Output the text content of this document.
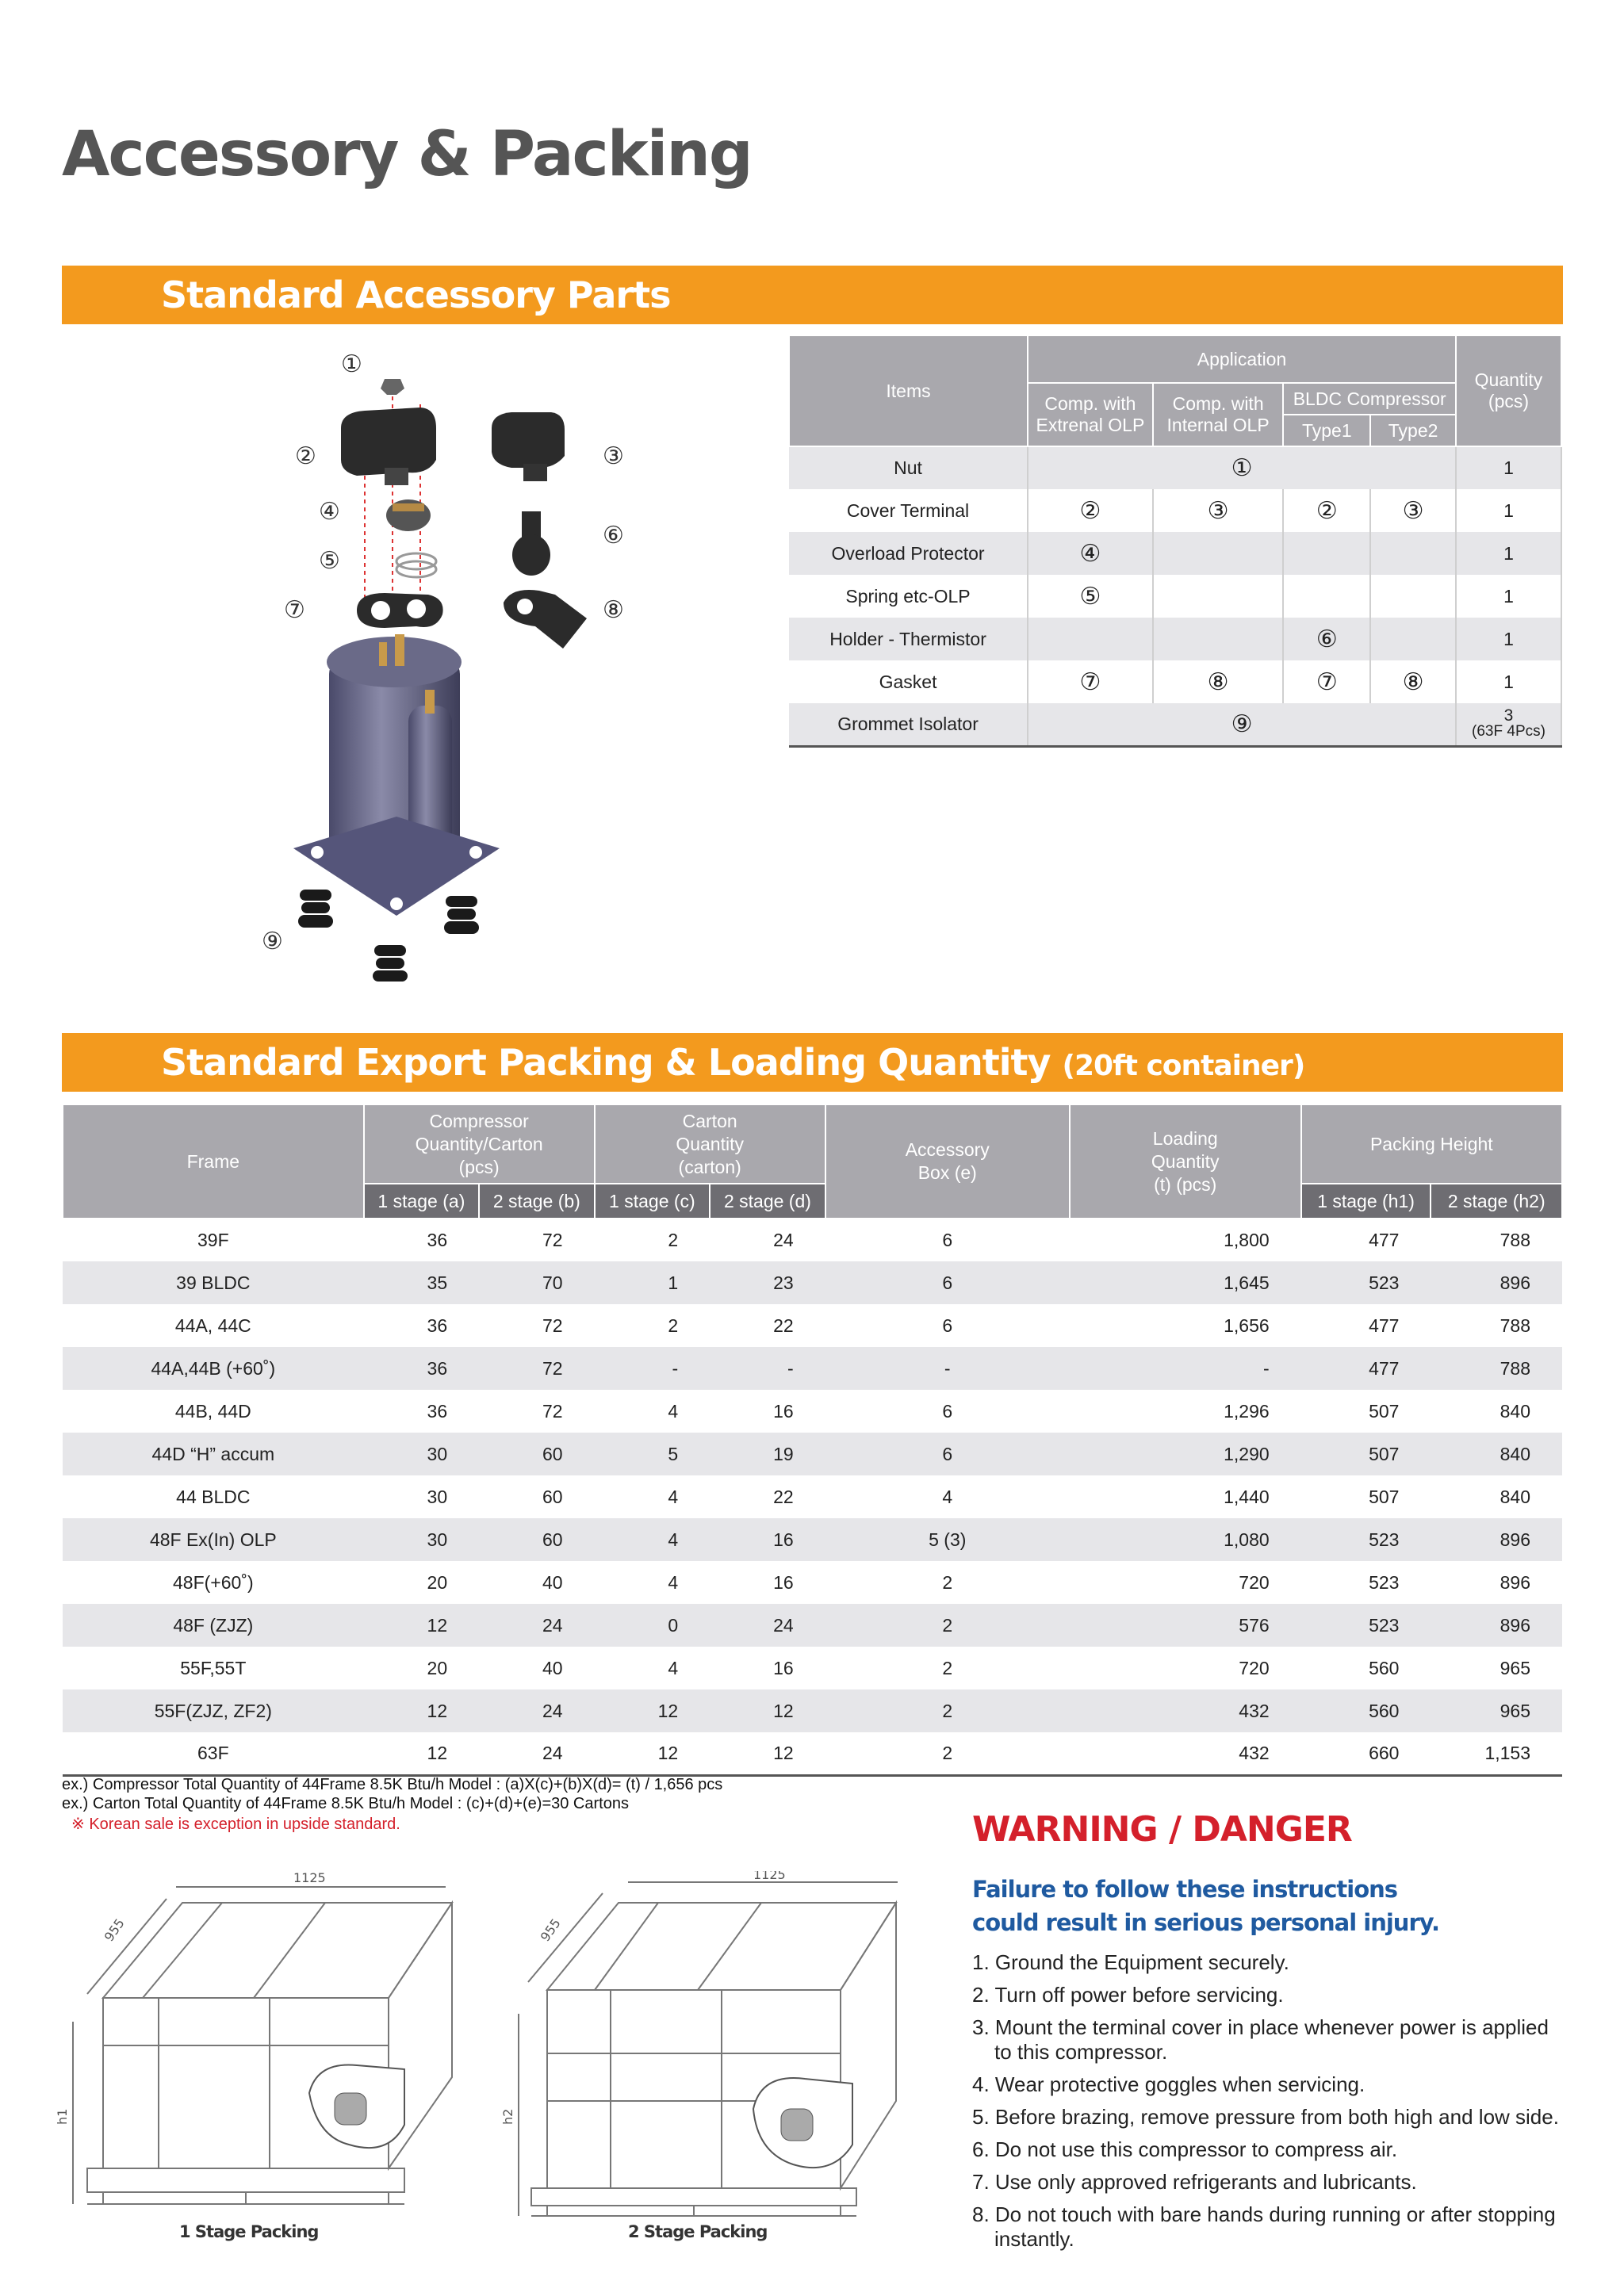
Accessory & Packing
Standard Accessory Parts
①
②	③
④
⑤
⑥
⑦	⑧
⑨
Items	Application				Quantity (pcs)
	Comp. with Extrenal OLP	Comp. with Internal OLP	BLDC Compressor		
			Type1	Type2	
Nut	①				1
Cover Terminal	②	③	②	③	1
Overload Protector	④				1
Spring etc-OLP	⑤				1
Holder - Thermistor			⑥		1
Gasket	⑦	⑧	⑦	⑧	1
Grommet Isolator	⑨				3
(63F 4Pcs)
Standard Export Packing & Loading Quantity (20ft container)
Frame	Compressor Quantity/Carton (pcs)		Carton Quantity (carton)		Accessory Box (e)	Loading Quantity (t) (pcs)	Packing Height	
	1 stage (a)	2 stage (b)	1 stage (c)	2 stage (d)			1 stage (h1)	2 stage (h2)
39F	36	72	2	24	6	1,800	477	788
39 BLDC	35	70	1	23	6	1,645	523	896
44A, 44C	36	72	2	22	6	1,656	477	788
44A,44B (+60˚)	36	72	-	-	-	-	477	788
44B, 44D	36	72	4	16	6	1,296	507	840
44D “H” accum	30	60	5	19	6	1,290	507	840
44 BLDC	30	60	4	22	4	1,440	507	840
48F Ex(In) OLP	30	60	4	16	5 (3)	1,080	523	896
48F(+60˚)	20	40	4	16	2	720	523	896
48F (ZJZ)	12	24	0	24	2	576	523	896
55F,55T	20	40	4	16	2	720	560	965
55F(ZJZ, ZF2)	12	24	12	12	2	432	560	965
63F	12	24	12	12	2	432	660	1,153
ex.) Compressor Total Quantity of 44Frame 8.5K Btu/h Model : (a)X(c)+(b)X(d)= (t) / 1,656 pcs
ex.) Carton Total Quantity of 44Frame 8.5K Btu/h Model : (c)+(d)+(e)=30 Cartons
※ Korean sale is exception in upside standard.
1125
955
h1
1 Stage Packing
1125
955
h2
2 Stage Packing
WARNING / DANGER
Failure to follow these instructions could result in serious personal injury.
1. Ground the Equipment securely.
2. Turn off power before servicing.
3. Mount the terminal cover in place whenever power is applied to this compressor.
4. Wear protective goggles when servicing.
5. Before brazing, remove pressure from both high and low side.
6. Do not use this compressor to compress air.
7. Use only approved refrigerants and lubricants.
8. Do not touch with bare hands during running or after stopping instantly.
